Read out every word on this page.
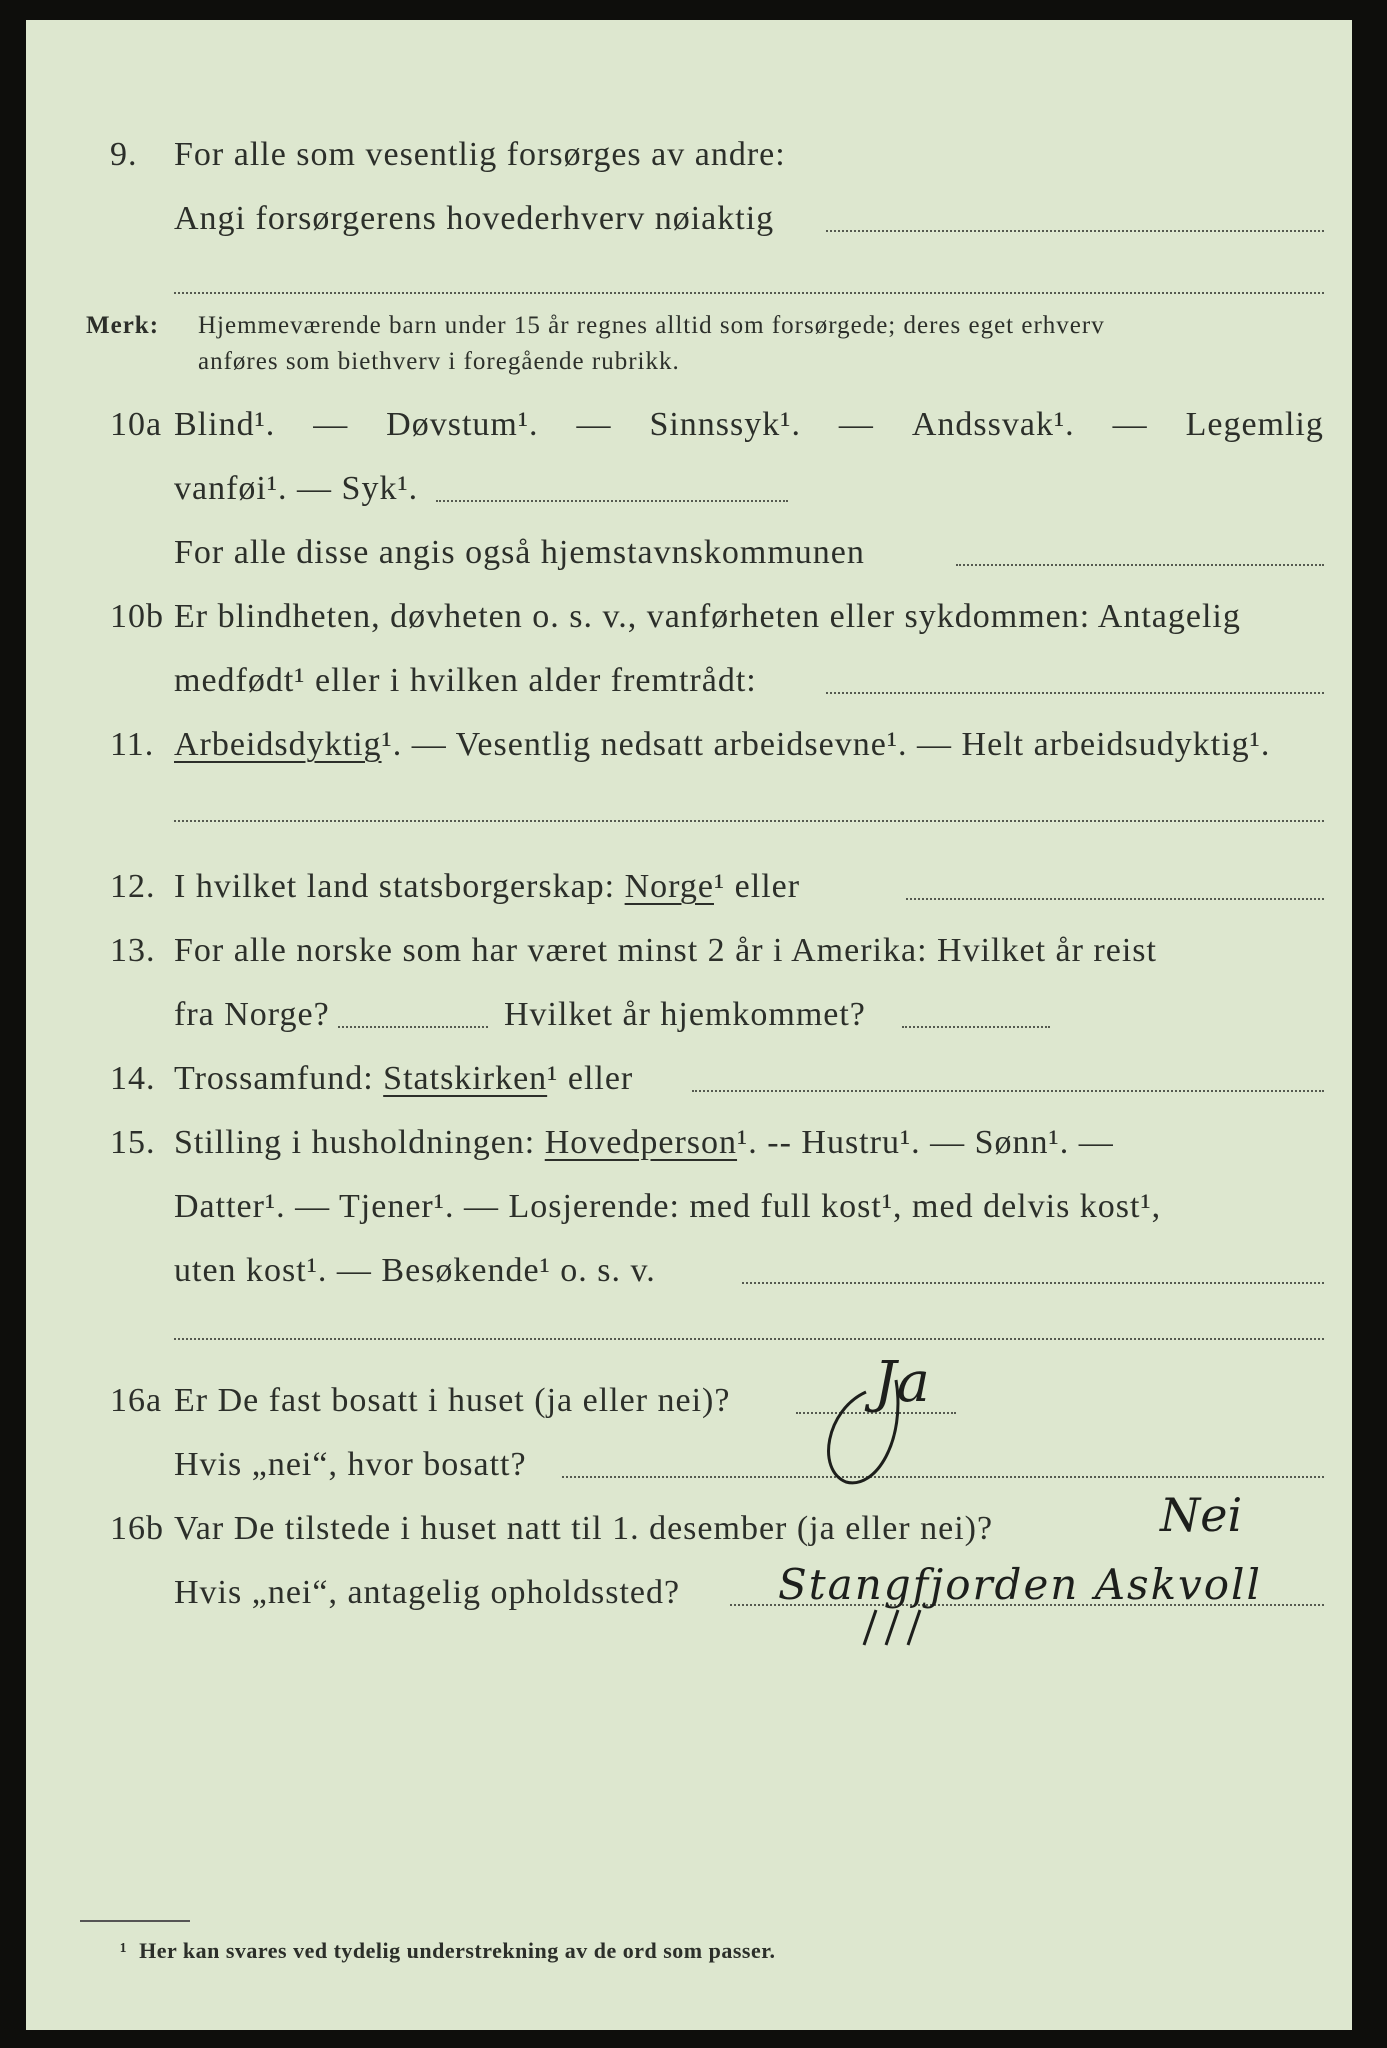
9. For alle som vesentlig forsørges av andre:
Angi forsørgerens hovederhverv nøiaktig
Merk: Hjemmeværende barn under 15 år regnes alltid som forsørgede; deres eget erhverv
anføres som biethverv i foregående rubrikk.
10a Blind¹. — Døvstum¹. — Sinnssyk¹. — Andssvak¹. — Legemlig
vanføi¹. — Syk¹.
For alle disse angis også hjemstavnskommunen
10b Er blindheten, døvheten o. s. v., vanførheten eller sykdommen: Antagelig
medfødt¹ eller i hvilken alder fremtrådt:
11. Arbeidsdyktig¹. — Vesentlig nedsatt arbeidsevne¹. — Helt arbeidsudyktig¹.
12. I hvilket land statsborgerskap: Norge¹ eller
13. For alle norske som har været minst 2 år i Amerika: Hvilket år reist
fra Norge?	Hvilket år hjemkommet?
14. Trossamfund: Statskirken¹ eller
15. Stilling i husholdningen: Hovedperson¹. -- Hustru¹. — Sønn¹. —
Datter¹. — Tjener¹. — Losjerende: med full kost¹, med delvis kost¹,
uten kost¹. — Besøkende¹ o. s. v.
16a Er De fast bosatt i huset (ja eller nei)?	Ja
Hvis „nei“, hvor bosatt?
16b Var De tilstede i huset natt til 1. desember (ja eller nei)?	Nei
Hvis „nei“, antagelig opholdssted? Stangfjorden Askvoll
¹ Her kan svares ved tydelig understrekning av de ord som passer.
